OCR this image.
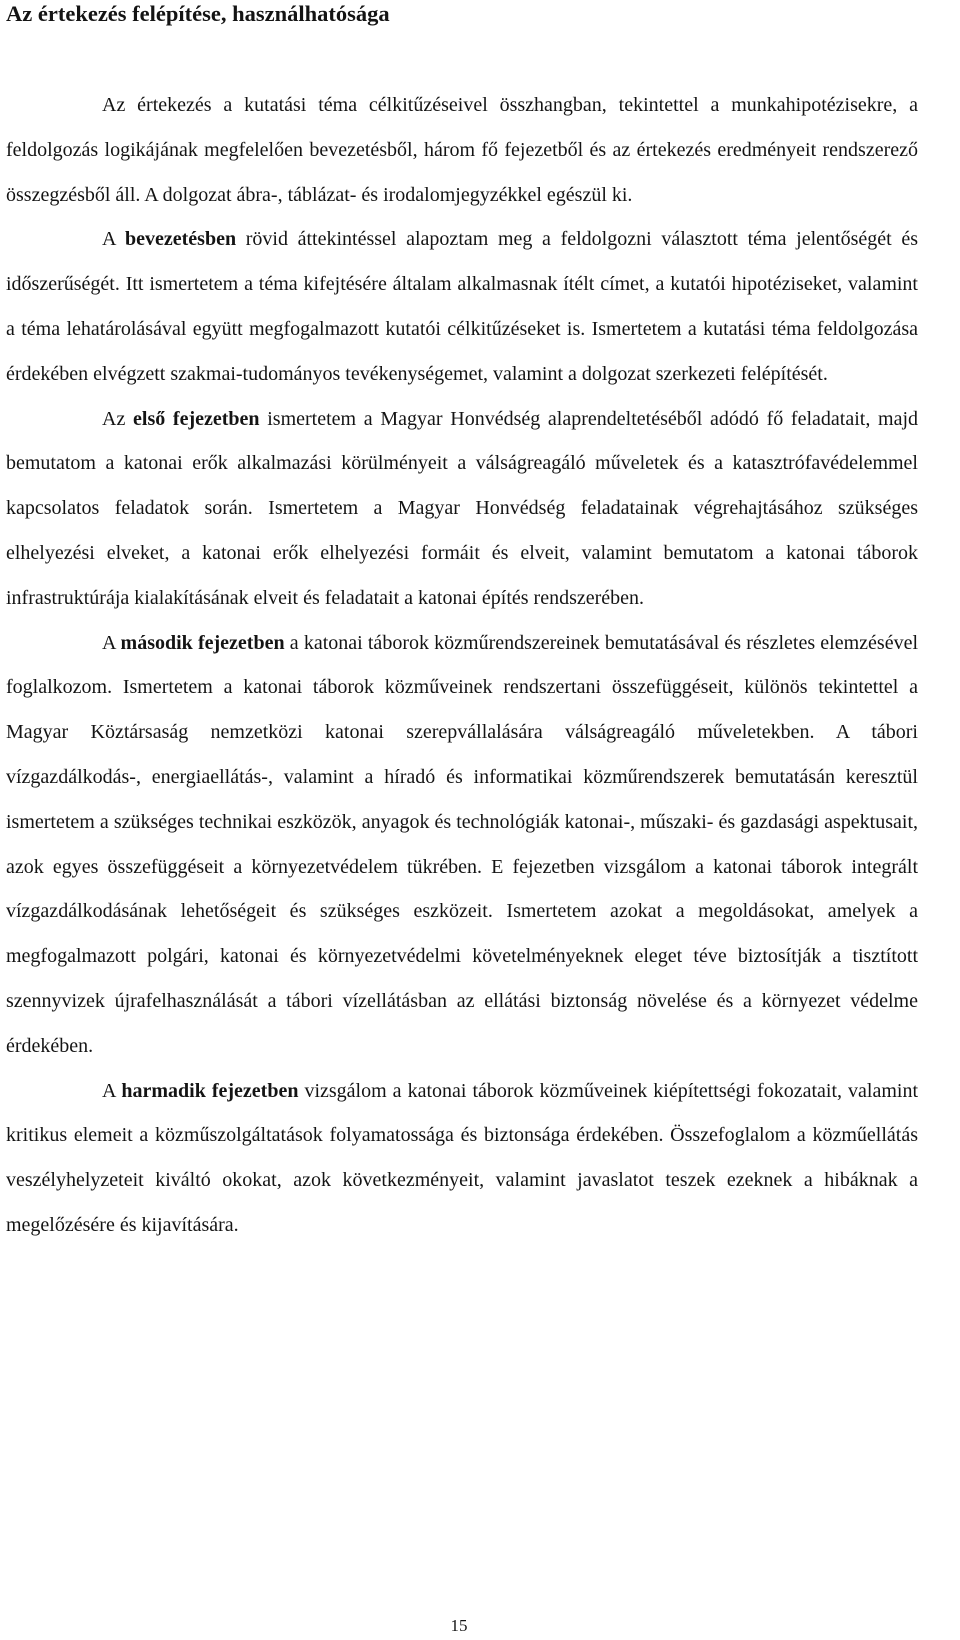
Az értekezés felépítése, használhatósága

Az értekezés a kutatási téma célkitűzéseivel összhangban, tekintettel a munkahipotézisekre, a feldolgozás logikájának megfelelően bevezetésből, három fő fejezetből és az értekezés eredményeit rendszerező összegzésből áll. A dolgozat ábra-, táblázat- és irodalomjegyzékkel egészül ki.

A bevezetésben rövid áttekintéssel alapoztam meg a feldolgozni választott téma jelentőségét és időszerűségét. Itt ismertetem a téma kifejtésére általam alkalmasnak ítélt címet, a kutatói hipotéziseket, valamint a téma lehatárolásával együtt megfogalmazott kutatói célkitűzéseket is. Ismertetem a kutatási téma feldolgozása érdekében elvégzett szakmai-tudományos tevékenységemet, valamint a dolgozat szerkezeti felépítését.

Az első fejezetben ismertetem a Magyar Honvédség alaprendeltetéséből adódó fő feladatait, majd bemutatom a katonai erők alkalmazási körülményeit a válságreagáló műveletek és a katasztrófavédelemmel kapcsolatos feladatok során. Ismertetem a Magyar Honvédség feladatainak végrehajtásához szükséges elhelyezési elveket, a katonai erők elhelyezési formáit és elveit, valamint bemutatom a katonai táborok infrastruktúrája kialakításának elveit és feladatait a katonai építés rendszerében.

A második fejezetben a katonai táborok közműrendszereinek bemutatásával és részletes elemzésével foglalkozom. Ismertetem a katonai táborok közműveinek rendszertani összefüggéseit, különös tekintettel a Magyar Köztársaság nemzetközi katonai szerepvállalására válságreagáló műveletekben. A tábori vízgazdálkodás-, energiaellátás-, valamint a híradó és informatikai közműrendszerek bemutatásán keresztül ismertetem a szükséges technikai eszközök, anyagok és technológiák katonai-, műszaki- és gazdasági aspektusait, azok egyes összefüggéseit a környezetvédelem tükrében. E fejezetben vizsgálom a katonai táborok integrált vízgazdálkodásának lehetőségeit és szükséges eszközeit. Ismertetem azokat a megoldásokat, amelyek a megfogalmazott polgári, katonai és környezetvédelmi követelményeknek eleget téve biztosítják a tisztított szennyvizek újrafelhasználását a tábori vízellátásban az ellátási biztonság növelése és a környezet védelme érdekében.

A harmadik fejezetben vizsgálom a katonai táborok közműveinek kiépítettségi fokozatait, valamint kritikus elemeit a közműszolgáltatások folyamatossága és biztonsága érdekében. Összefoglalom a közműellátás veszélyhelyzeteit kiváltó okokat, azok következményeit, valamint javaslatot teszek ezeknek a hibáknak a megelőzésére és kijavítására.

15
